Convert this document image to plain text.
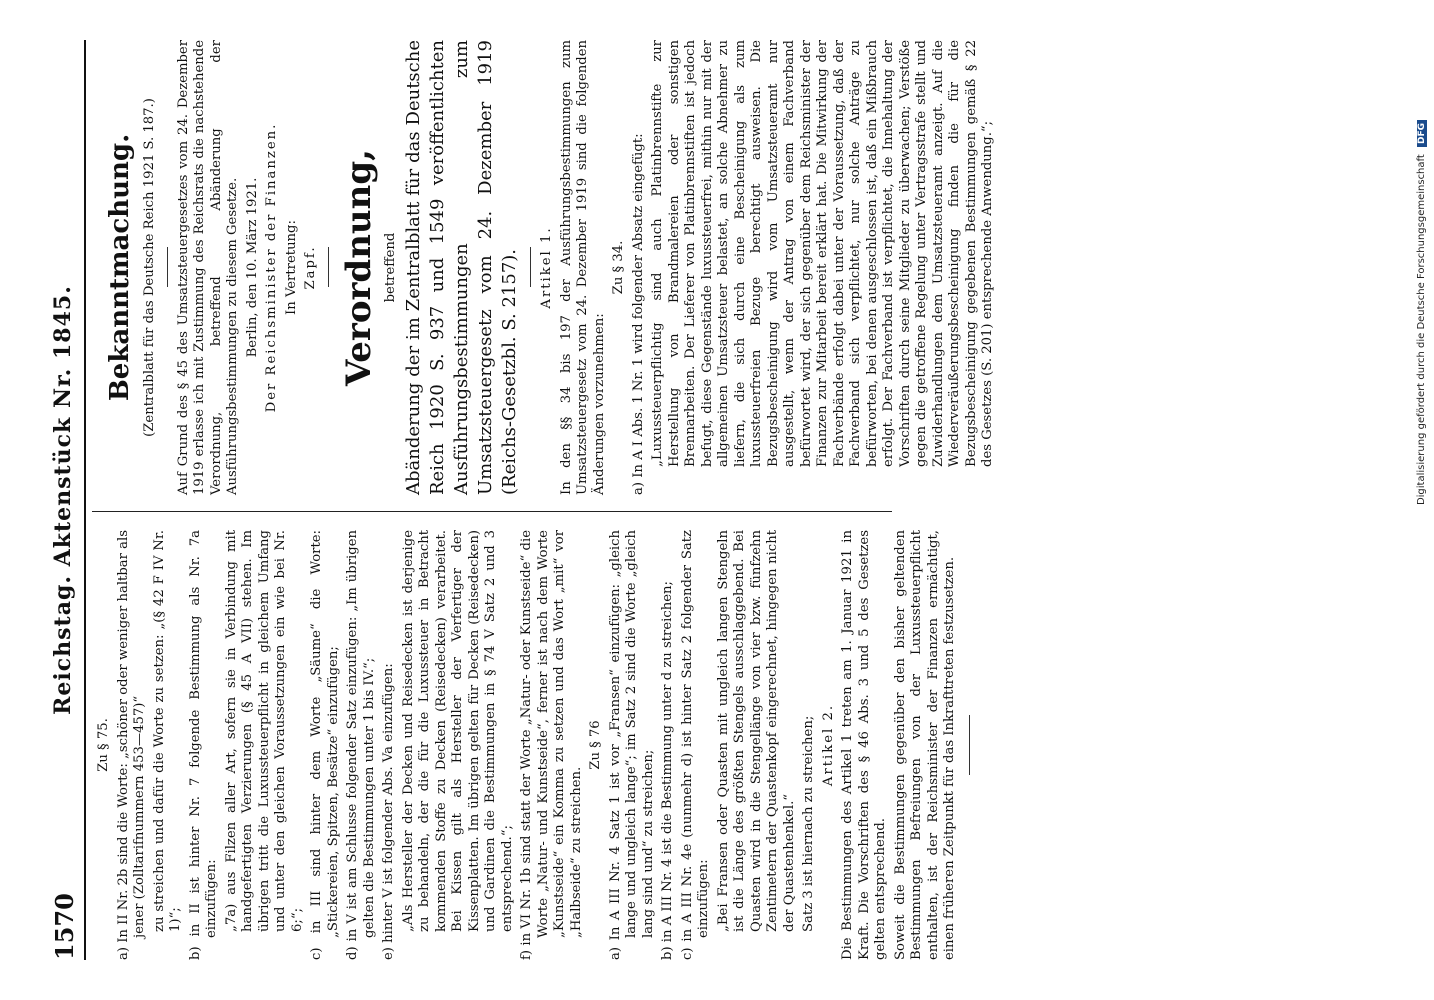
1570
Reichstag. Aktenstück Nr. 1845.

Zu § 75. a) In II Nr. 2b sind die Worte: „schöner oder weniger haltbar als jener (Zolltarifnummern 453—457)“ zu streichen und dafür die Worte zu setzen: „(§ 42 F IV Nr. 1)“; b) in II ist hinter Nr. 7 folgende Bestimmung als Nr. 7a einzufügen: „7a) aus Filzen aller Art, sofern sie in Verbindung mit handgefertigten Verzierungen (§ 45 A VII) stehen. Im übrigen tritt die Luxussteuerpflicht in gleichem Umfang und unter den gleichen Voraussetzungen ein wie bei Nr. 6;“; c) in III sind hinter dem Worte „Säume“ die Worte: „Stickereien, Spitzen, Besätze“ einzufügen; d) in V ist am Schlusse folgender Satz einzufügen: „Im übrigen gelten die Bestimmungen unter 1 bis IV.“; e) hinter V ist folgender Abs. Va einzufügen: „Als Hersteller der Decken und Reisedecken ist derjenige zu behandeln, der die für die Luxussteuer in Betracht kommenden Stoffe zu Decken (Reisedecken) verarbeitet. Bei Kissen gilt als Hersteller der Verfertiger der Kissenplatten. Im übrigen gelten für Decken (Reisedecken) und Gardinen die Bestimmungen in § 74 V Satz 2 und 3 entsprechend.“; f) in VI Nr. 1b sind statt der Worte „Natur- oder Kunstseide“ die Worte „Natur- und Kunstseide“, ferner ist nach dem Worte „Kunstseide“ ein Komma zu setzen und das Wort „mit“ vor „Halbseide“ zu streichen.

Zu § 76 a) In A III Nr. 4 Satz 1 ist vor „Fransen“ einzufügen: „gleich lange und ungleich lange“; im Satz 2 sind die Worte „gleich lang sind und“ zu streichen; b) in A III Nr. 4 ist die Bestimmung unter d zu streichen; c) in A III Nr. 4e (nunmehr d) ist hinter Satz 2 folgender Satz einzufügen: „Bei Fransen oder Quasten mit ungleich langen Stengeln ist die Länge des größten Stengels ausschlaggebend. Bei Quasten wird in die Stengellänge von vier bzw. fünfzehn Zentimetern der Quastenkopf eingerechnet, hingegen nicht der Quastenhenkel.“ Satz 3 ist hiernach zu streichen; Artikel 2. Die Bestimmungen des Artikel 1 treten am 1. Januar 1921 in Kraft. Die Vorschriften des § 46 Abs. 3 und 5 des Gesetzes gelten entsprechend. Soweit die Bestimmungen gegenüber den bisher geltenden Bestimmungen Befreiungen von der Luxussteuerpflicht enthalten, ist der Reichsminister der Finanzen ermächtigt, einen früheren Zeitpunkt für das Inkrafttreten festzusetzen.

Bekanntmachung. (Zentralblatt für das Deutsche Reich 1921 S. 187.) Auf Grund des § 45 des Umsatzsteuergesetzes vom 24. Dezember 1919 erlasse ich mit Zustimmung des Reichsrats die nachstehende Verordnung, betreffend Abänderung der Ausführungsbestimmungen zu diesem Gesetze. Berlin, den 10. März 1921. Der Reichsminister der Finanzen. In Vertretung: Zapf. Verordnung, betreffend Abänderung der im Zentralblatt für das Deutsche Reich 1920 S. 937 und 1549 veröffentlichten Ausführungsbestimmungen zum Umsatzsteuergesetz vom 24. Dezember 1919 (Reichs-Gesetzbl. S. 2157). Artikel 1. In den §§ 34 bis 197 der Ausführungsbestimmungen zum Umsatzsteuergesetz vom 24. Dezember 1919 sind die folgenden Änderungen vorzunehmen:

Zu § 34. a) In A I Abs. 1 Nr. 1 wird folgender Absatz eingefügt: „Luxussteuerpflichtig sind auch Platinbrennstifte zur Herstellung von Brandmalereien oder sonstigen Brennarbeiten. Der Lieferer von Platinbrennstiften ist jedoch befugt, diese Gegenstände luxussteuerfrei, mithin nur mit der allgemeinen Umsatzsteuer belastet, an solche Abnehmer zu liefern, die sich durch eine Bescheinigung als zum luxussteuerfreien Bezuge berechtigt ausweisen. Die Bezugsbescheinigung wird vom Umsatzsteueramt nur ausgestellt, wenn der Antrag von einem Fachverband befürwortet wird, der sich gegenüber dem Reichsminister der Finanzen zur Mitarbeit bereit erklärt hat. Die Mitwirkung der Fachverbände erfolgt dabei unter der Voraussetzung, daß der Fachverband sich verpflichtet, nur solche Anträge zu befürworten, bei denen ausgeschlossen ist, daß ein Mißbrauch erfolgt. Der Fachverband ist verpflichtet, die Innehaltung der Vorschriften durch seine Mitglieder zu überwachen; Verstöße gegen die getroffene Regelung unter Vertragsstrafe stellt und Zuwiderhandlungen dem Umsatzsteueramt anzeigt. Auf die Wiederveräußerungsbescheinigung finden die für die Bezugsbescheinigung gegebenen Bestimmungen gemäß § 22 des Gesetzes (S. 201) entsprechende Anwendung.“;	Digitalisierung gefördert durch die Deutsche Forschungsgemeinschaft DFG
